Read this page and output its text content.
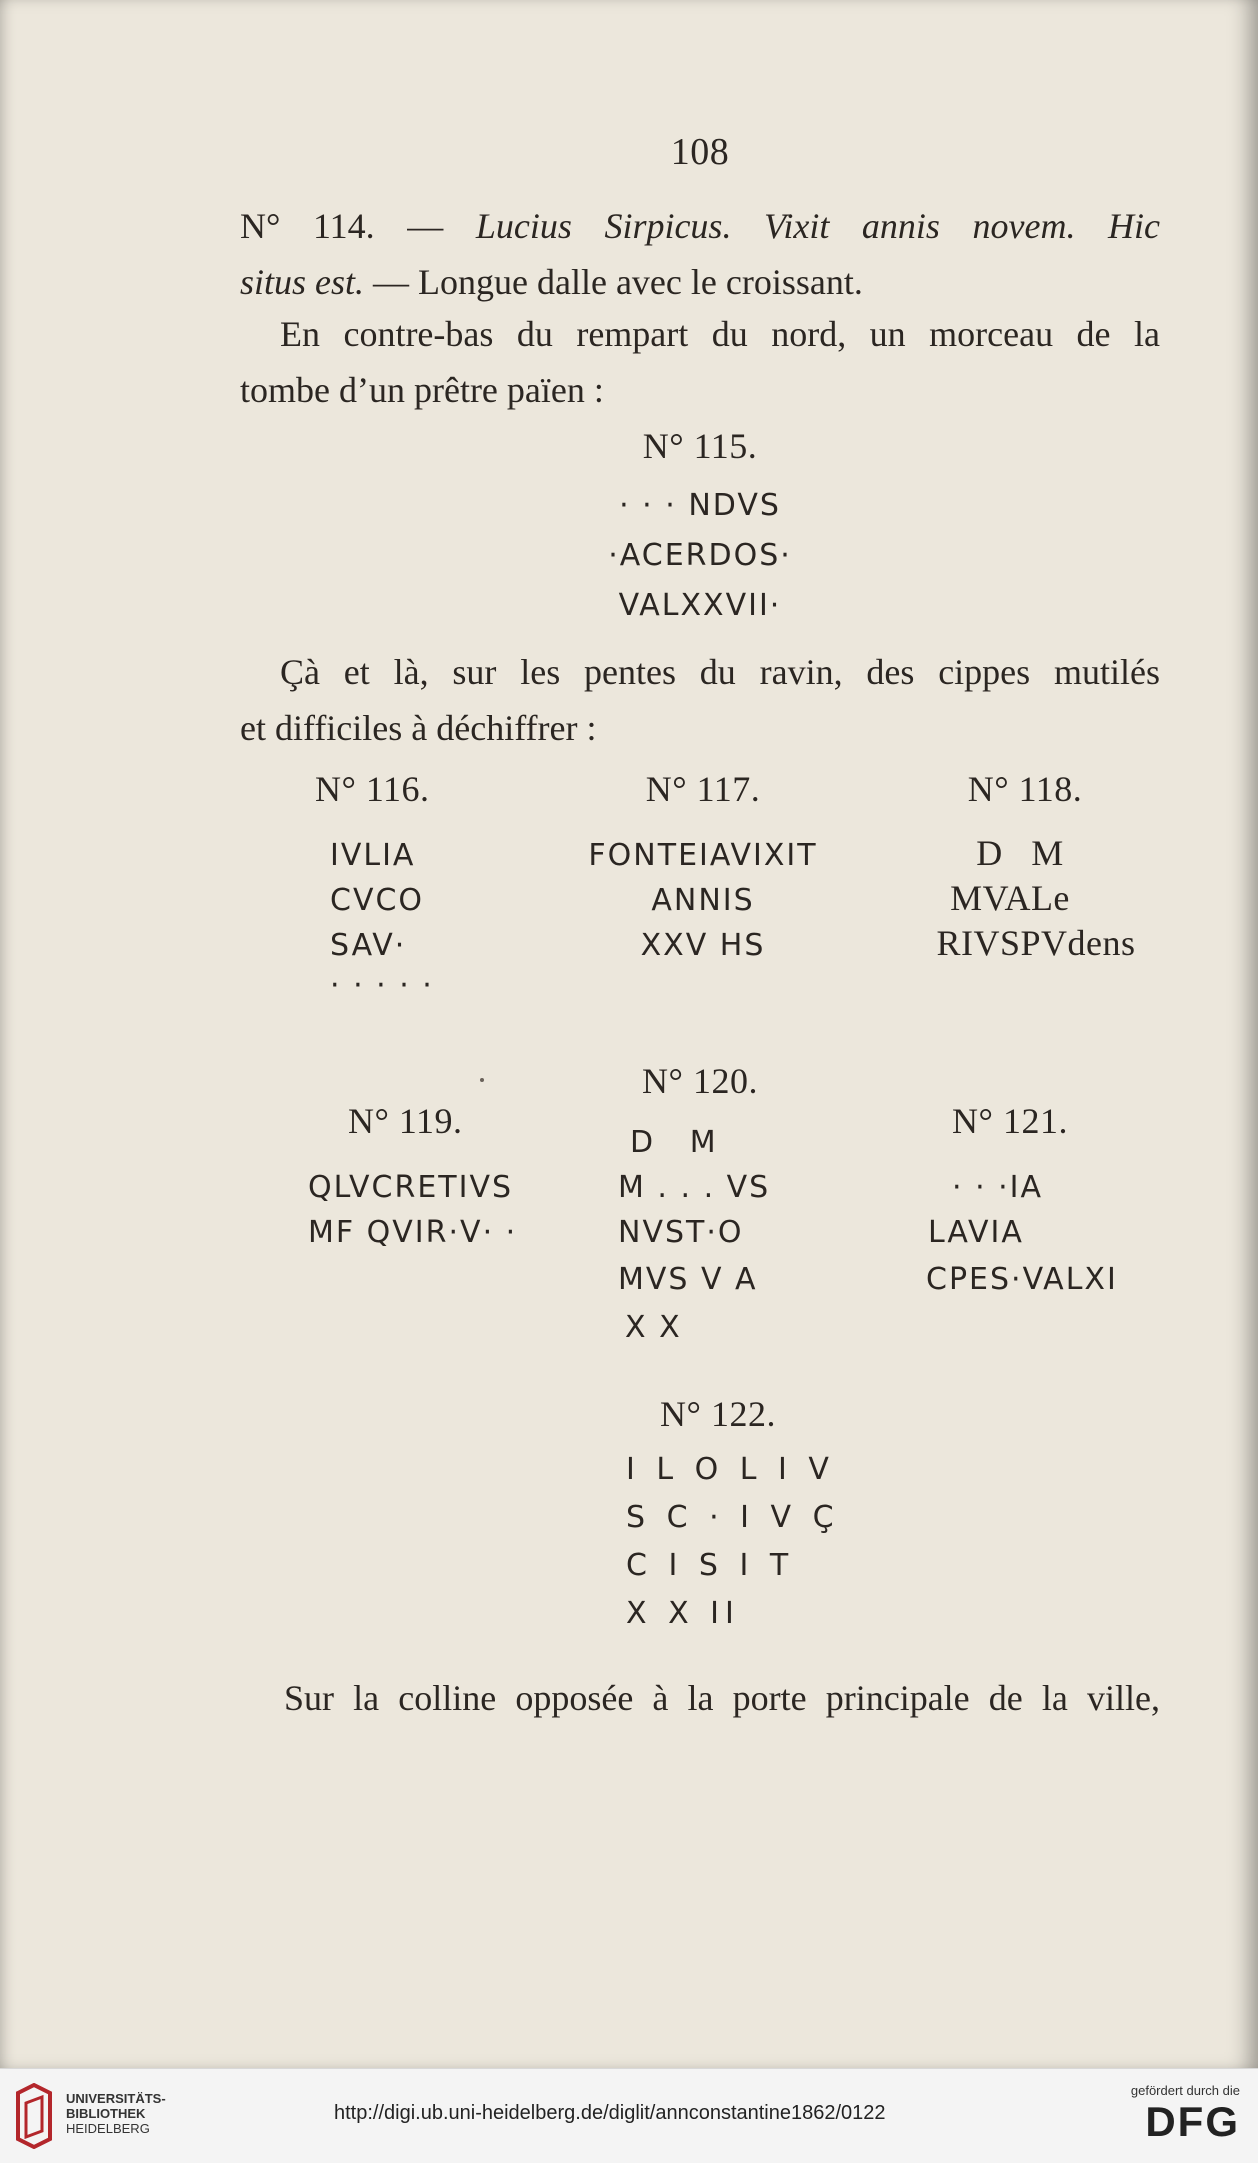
108
N° 114. — Lucius Sirpicus. Vixit annis novem. Hic
situs est. — Longue dalle avec le croissant.
En contre-bas du rempart du nord, un morceau de la
tombe d’un prêtre païen :
N° 115.
· · · NDVS
·ACERDOS·
VALXXVII·
Çà et là, sur les pentes du ravin, des cippes mutilés
et difficiles à déchiffrer :
N° 116.
IVLIA
CVCO
SAV·
· · · · ·
N° 117.
FONTEIAVIXIT
ANNIS
XXV HS
N° 118.
D   M
MVALe
RIVSPVdens
N° 120.
N° 119.
QLVCRETIVS
MF QVIR·V· ·
D   M
M . . . VS
NVST·O
MVS V A
X X
N° 121.
· · ·IA
LAVIA
CPES·VALXI
N° 122.
I L O L I V
S C · I V Ç
C I S I T
X X II
Sur la colline opposée à la porte principale de la ville,
UNIVERSITÄTS-
BIBLIOTHEK
HEIDELBERG
http://digi.ub.uni-heidelberg.de/diglit/annconstantine1862/0122
gefördert durch die
DFG
